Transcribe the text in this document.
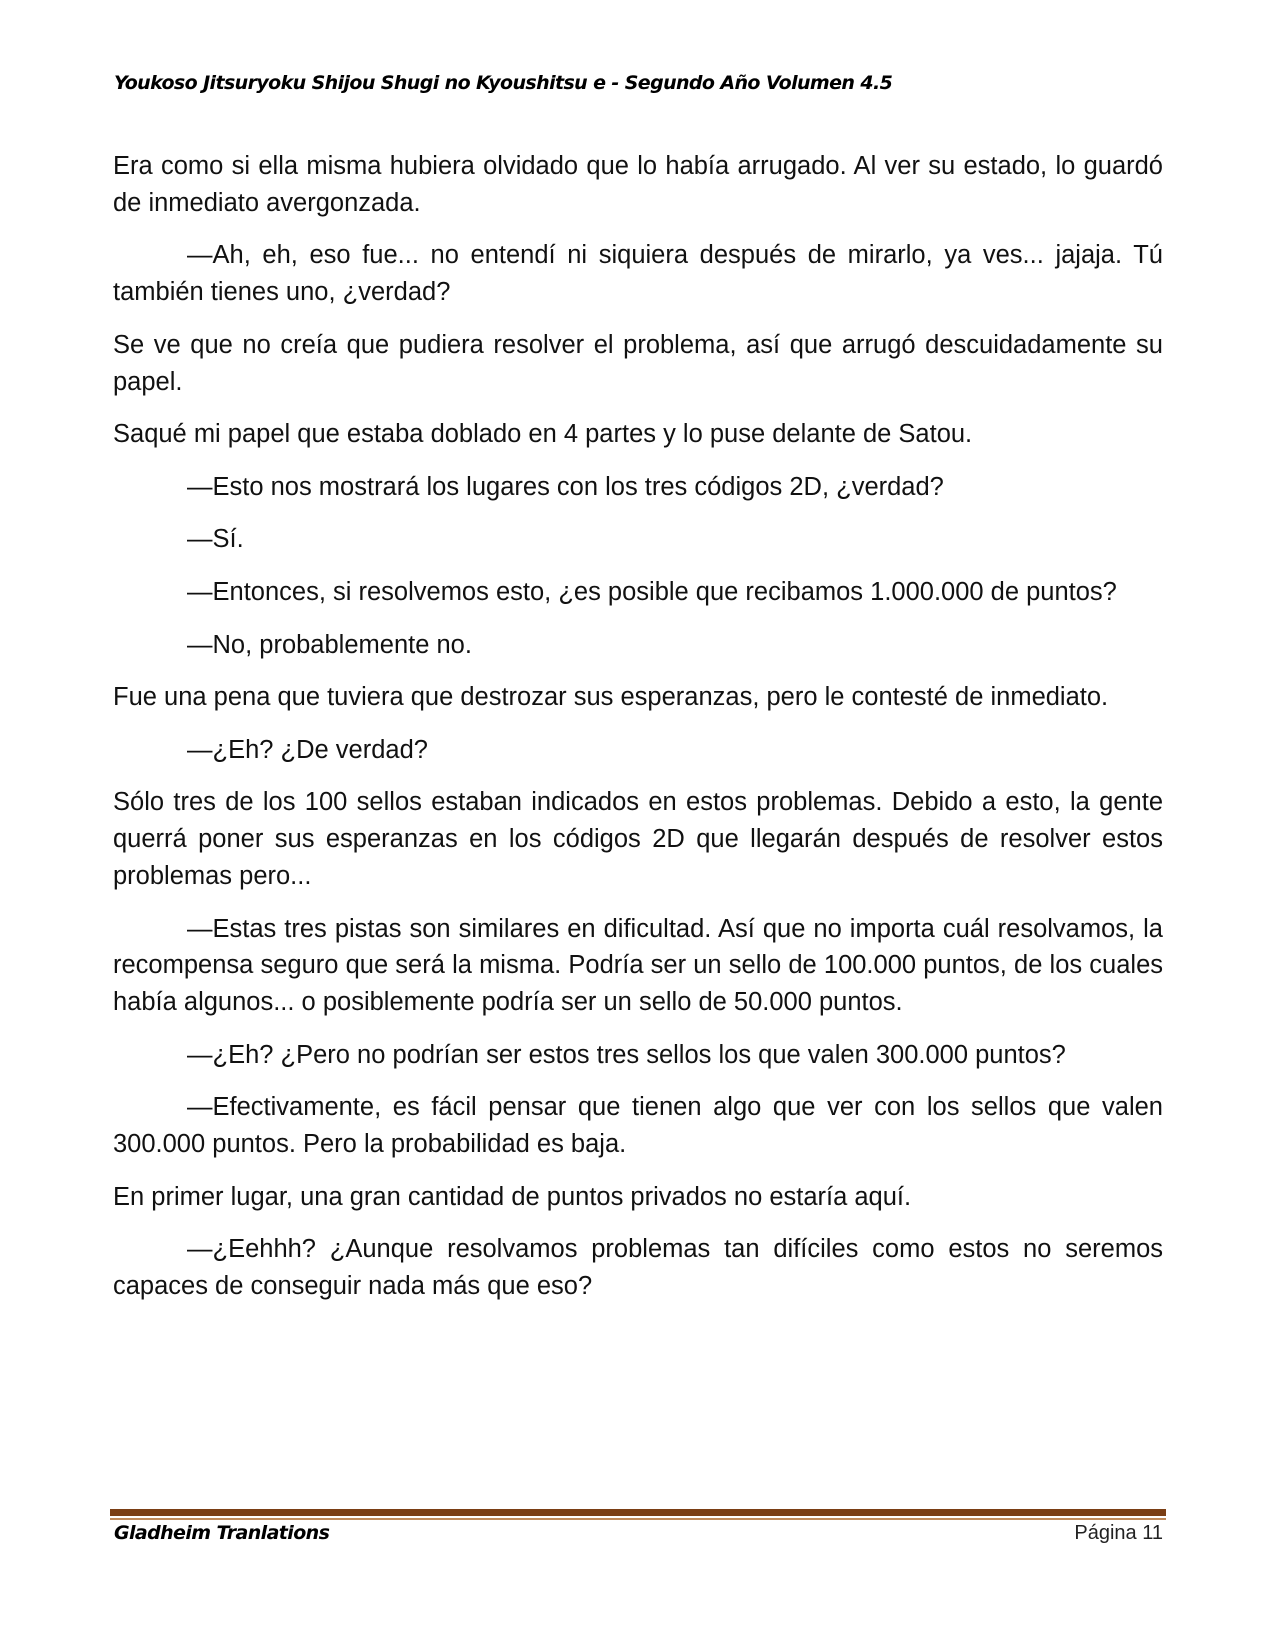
Youkoso Jitsuryoku Shijou Shugi no Kyoushitsu e - Segundo Año Volumen 4.5

Era como si ella misma hubiera olvidado que lo había arrugado. Al ver su estado, lo guardó de inmediato avergonzada.

—Ah, eh, eso fue... no entendí ni siquiera después de mirarlo, ya ves... jajaja. Tú también tienes uno, ¿verdad?

Se ve que no creía que pudiera resolver el problema, así que arrugó descuidadamente su papel.

Saqué mi papel que estaba doblado en 4 partes y lo puse delante de Satou.

—Esto nos mostrará los lugares con los tres códigos 2D, ¿verdad?

—Sí.

—Entonces, si resolvemos esto, ¿es posible que recibamos 1.000.000 de puntos?

—No, probablemente no.

Fue una pena que tuviera que destrozar sus esperanzas, pero le contesté de inmediato.

—¿Eh? ¿De verdad?

Sólo tres de los 100 sellos estaban indicados en estos problemas. Debido a esto, la gente querrá poner sus esperanzas en los códigos 2D que llegarán después de resolver estos problemas pero...

—Estas tres pistas son similares en dificultad. Así que no importa cuál resolvamos, la recompensa seguro que será la misma. Podría ser un sello de 100.000 puntos, de los cuales había algunos... o posiblemente podría ser un sello de 50.000 puntos.

—¿Eh? ¿Pero no podrían ser estos tres sellos los que valen 300.000 puntos?

—Efectivamente, es fácil pensar que tienen algo que ver con los sellos que valen 300.000 puntos. Pero la probabilidad es baja.

En primer lugar, una gran cantidad de puntos privados no estaría aquí.

—¿Eehhh? ¿Aunque resolvamos problemas tan difíciles como estos no seremos capaces de conseguir nada más que eso?

Gladheim Tranlations	Página 11
